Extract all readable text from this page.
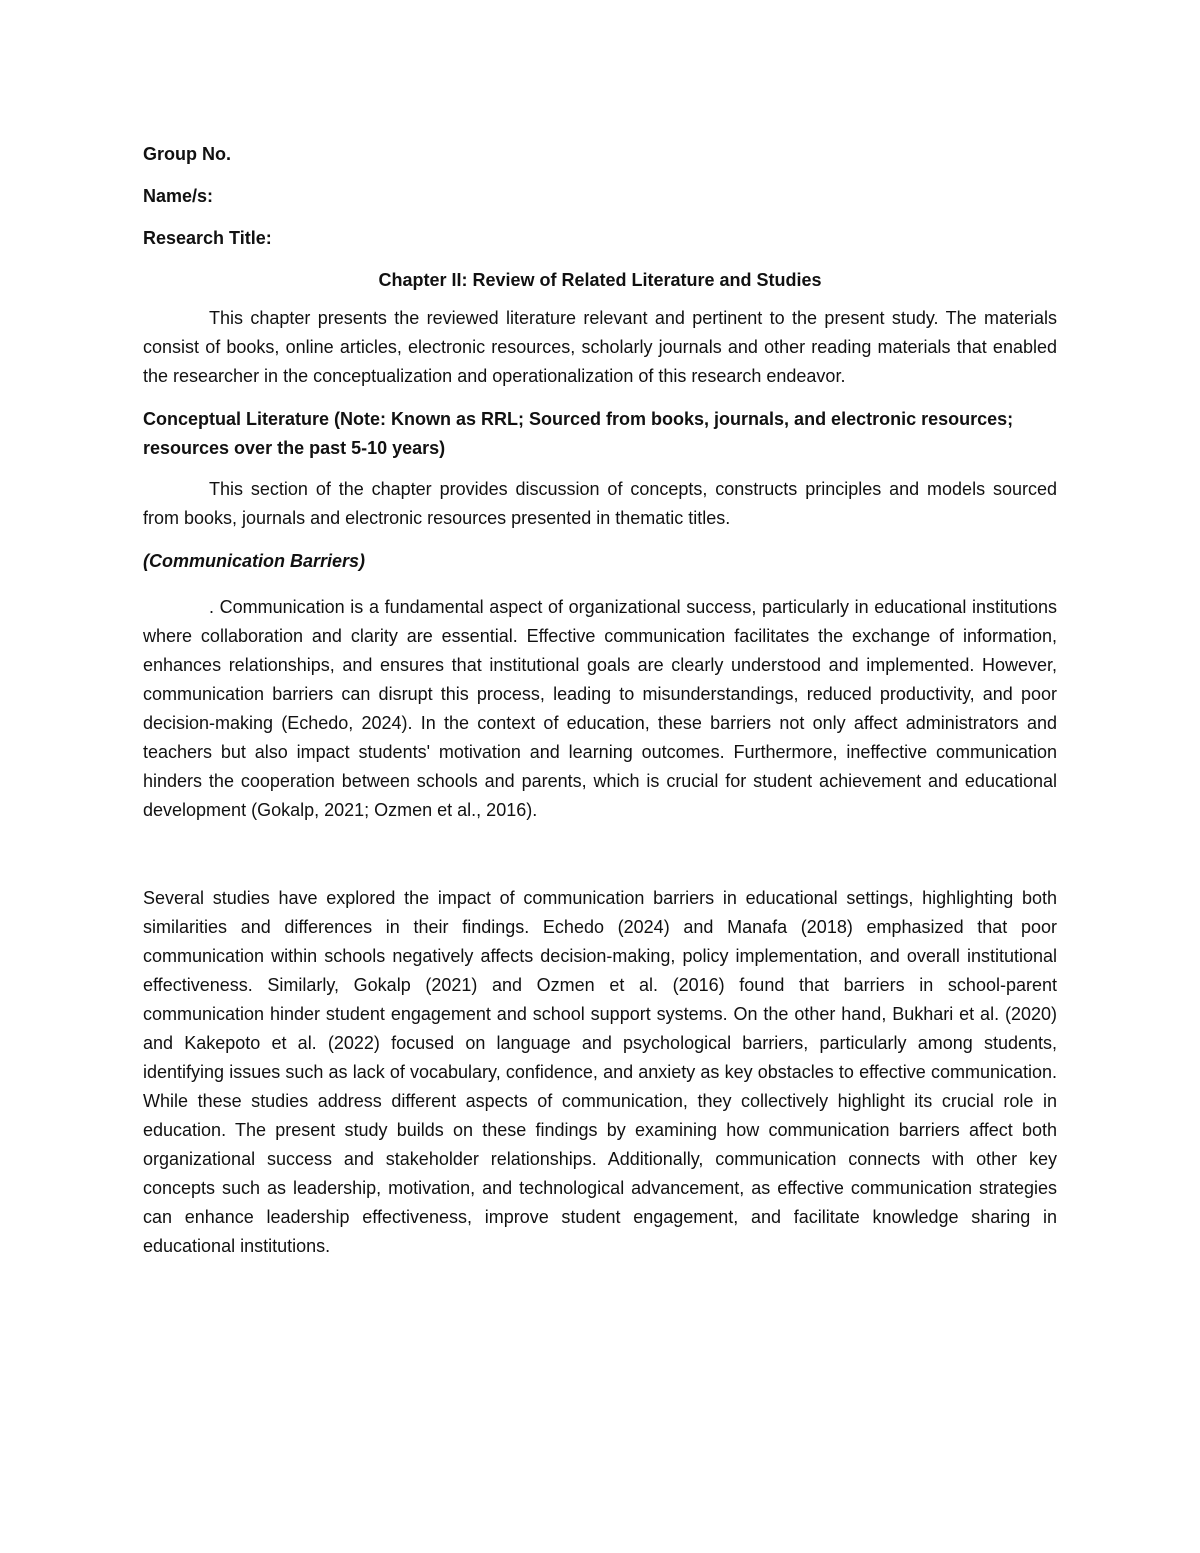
Group No.
Name/s:
Research Title:
Chapter II: Review of Related Literature and Studies

This chapter presents the reviewed literature relevant and pertinent to the present study. The materials consist of books, online articles, electronic resources, scholarly journals and other reading materials that enabled the researcher in the conceptualization and operationalization of this research endeavor.

Conceptual Literature (Note: Known as RRL; Sourced from books, journals, and electronic resources; resources over the past 5-10 years)

This section of the chapter provides discussion of concepts, constructs principles and models sourced from books, journals and electronic resources presented in thematic titles.

(Communication Barriers)

. Communication is a fundamental aspect of organizational success, particularly in educational institutions where collaboration and clarity are essential. Effective communication facilitates the exchange of information, enhances relationships, and ensures that institutional goals are clearly understood and implemented. However, communication barriers can disrupt this process, leading to misunderstandings, reduced productivity, and poor decision-making (Echedo, 2024). In the context of education, these barriers not only affect administrators and teachers but also impact students' motivation and learning outcomes. Furthermore, ineffective communication hinders the cooperation between schools and parents, which is crucial for student achievement and educational development (Gokalp, 2021; Ozmen et al., 2016).

Several studies have explored the impact of communication barriers in educational settings, highlighting both similarities and differences in their findings. Echedo (2024) and Manafa (2018) emphasized that poor communication within schools negatively affects decision-making, policy implementation, and overall institutional effectiveness. Similarly, Gokalp (2021) and Ozmen et al. (2016) found that barriers in school-parent communication hinder student engagement and school support systems. On the other hand, Bukhari et al. (2020) and Kakepoto et al. (2022) focused on language and psychological barriers, particularly among students, identifying issues such as lack of vocabulary, confidence, and anxiety as key obstacles to effective communication. While these studies address different aspects of communication, they collectively highlight its crucial role in education. The present study builds on these findings by examining how communication barriers affect both organizational success and stakeholder relationships. Additionally, communication connects with other key concepts such as leadership, motivation, and technological advancement, as effective communication strategies can enhance leadership effectiveness, improve student engagement, and facilitate knowledge sharing in educational institutions.
